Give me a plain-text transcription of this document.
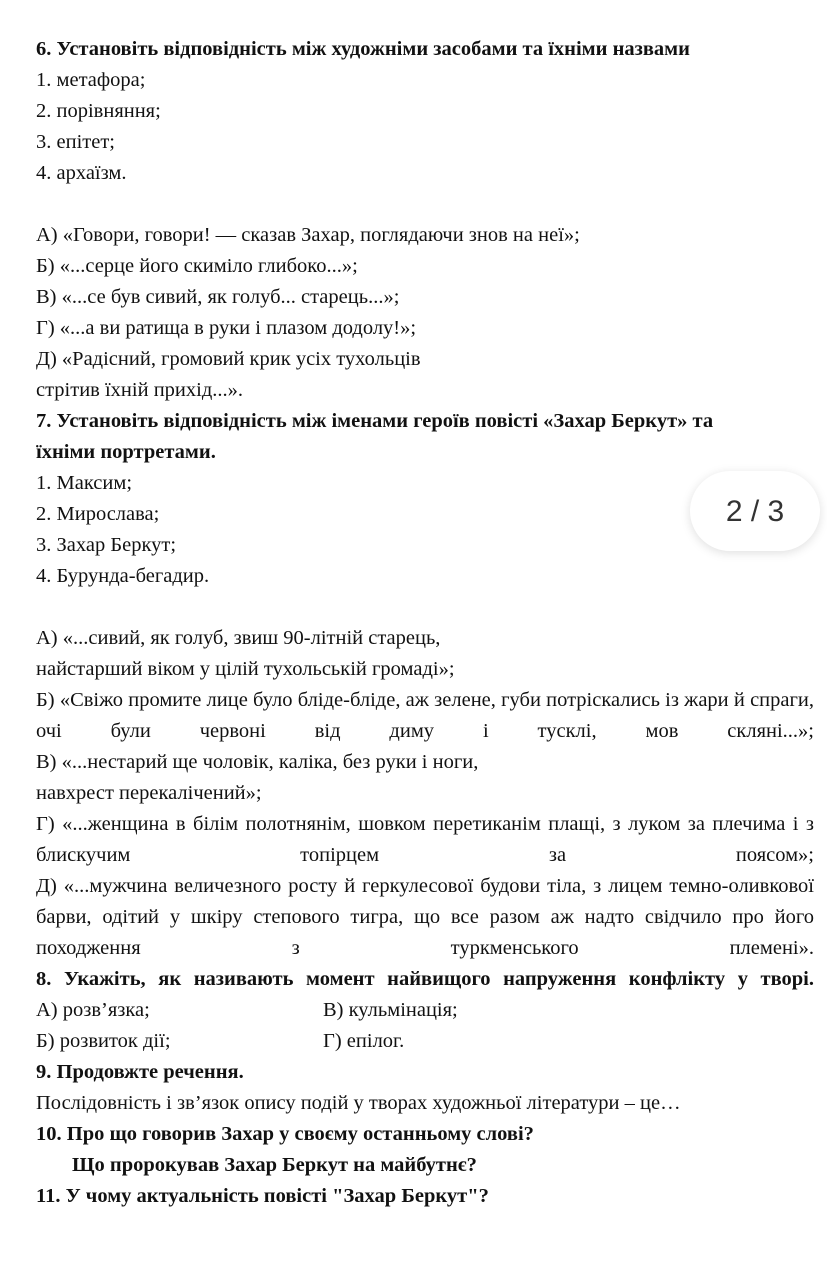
6. Установіть відповідність між художніми засобами та їхніми назвами
1. метафора;
2. порівняння;
3. епітет;
4. архаїзм.
А) «Говори, говори! — сказав Захар, поглядаючи знов на неї»;
Б) «...серце його скиміло глибоко...»;
В) «...се був сивий, як голуб... старець...»;
Г) «...а ви ратища в руки і плазом додолу!»;
Д) «Радісний, громовий крик усіх тухольців
стрітив їхній прихід...».
7. Установіть відповідність між іменами героїв повісті «Захар Беркут» та
їхніми портретами.
1. Максим;
2. Мирослава;
3. Захар Беркут;
4. Бурунда-бегадир.
А) «...сивий, як голуб, звиш 90-літній старець,
найстарший віком у цілій тухольській громаді»;
Б) «Свіжо промите лице було бліде-бліде, аж зелене, губи потріскались із жари й спраги, очі були червоні від диму і тусклі, мов скляні...»;
В) «...нестарий ще чоловік, каліка, без руки і ноги,
навхрест перекалічений»;
Г) «...женщина в білім полотнянім, шовком перетиканім плащі, з луком за плечима і з блискучим топірцем за поясом»;
Д) «...мужчина величезного росту й геркулесової будови тіла, з лицем темно-оливкової барви, одітий у шкіру степового тигра, що все разом аж надто свідчило про його походження з туркменського племені».
8. Укажіть, як називають момент найвищого напруження конфлікту у творі.
А) розв’язка;	В) кульмінація;
Б) розвиток дії;	Г) епілог.
9. Продовжте речення.
Послідовність і зв’язок опису подій у творах художньої літератури – це…
10. Про що говорив Захар у своєму останньому слові?
Що пророкував Захар Беркут на майбутнє?
11. У чому актуальність повісті "Захар Беркут"?
2 / 3
